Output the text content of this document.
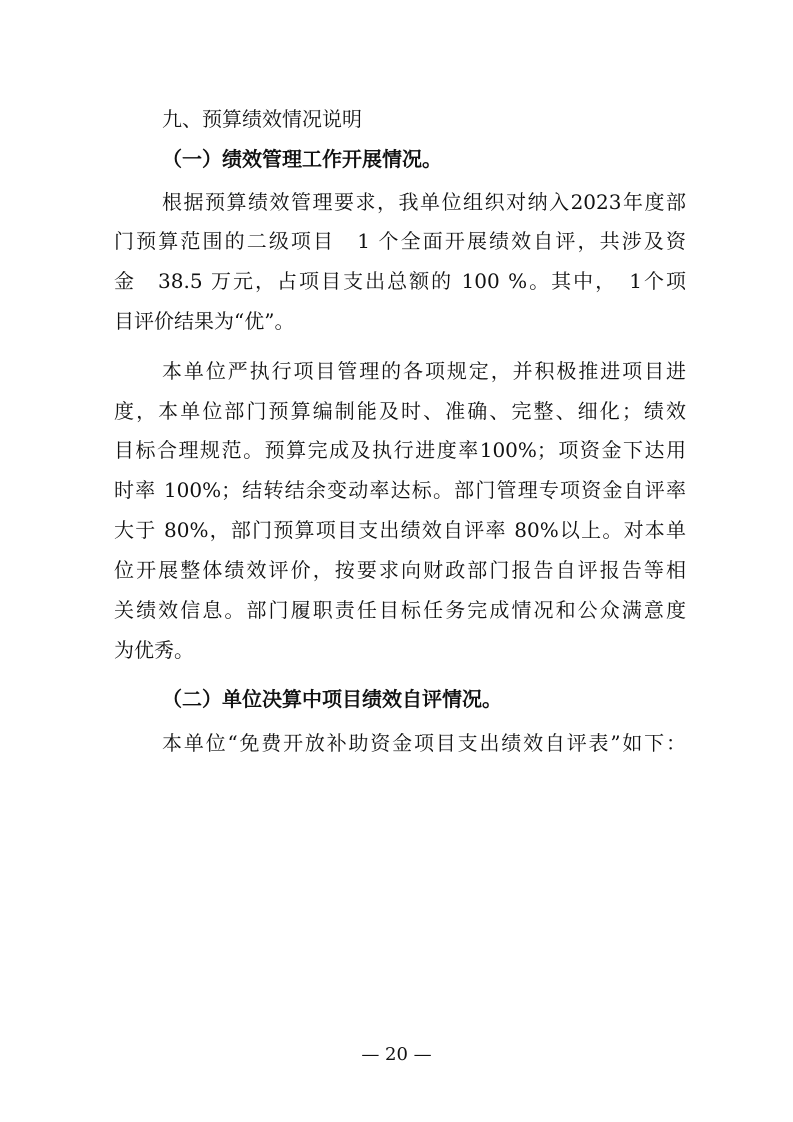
九、预算绩效情况说明
（一）绩效管理工作开展情况。
根据预算绩效管理要求，我单位组织对纳入2023年度部
门预算范围的二级项目　1 个全面开展绩效自评，共涉及资
金　38.5 万元，占项目支出总额的 100 %。其中，　1个项
目评价结果为“优”。
本单位严执行项目管理的各项规定，并积极推进项目进
度，本单位部门预算编制能及时、准确、完整、细化；绩效
目标合理规范。预算完成及执行进度率100%；项资金下达用
时率 100%；结转结余变动率达标。部门管理专项资金自评率
大于 80%，部门预算项目支出绩效自评率 80%以上。对本单
位开展整体绩效评价，按要求向财政部门报告自评报告等相
关绩效信息。部门履职责任目标任务完成情况和公众满意度
为优秀。
（二）单位决算中项目绩效自评情况。
本单位“免费开放补助资金项目支出绩效自评表”如下：
— 20 —
